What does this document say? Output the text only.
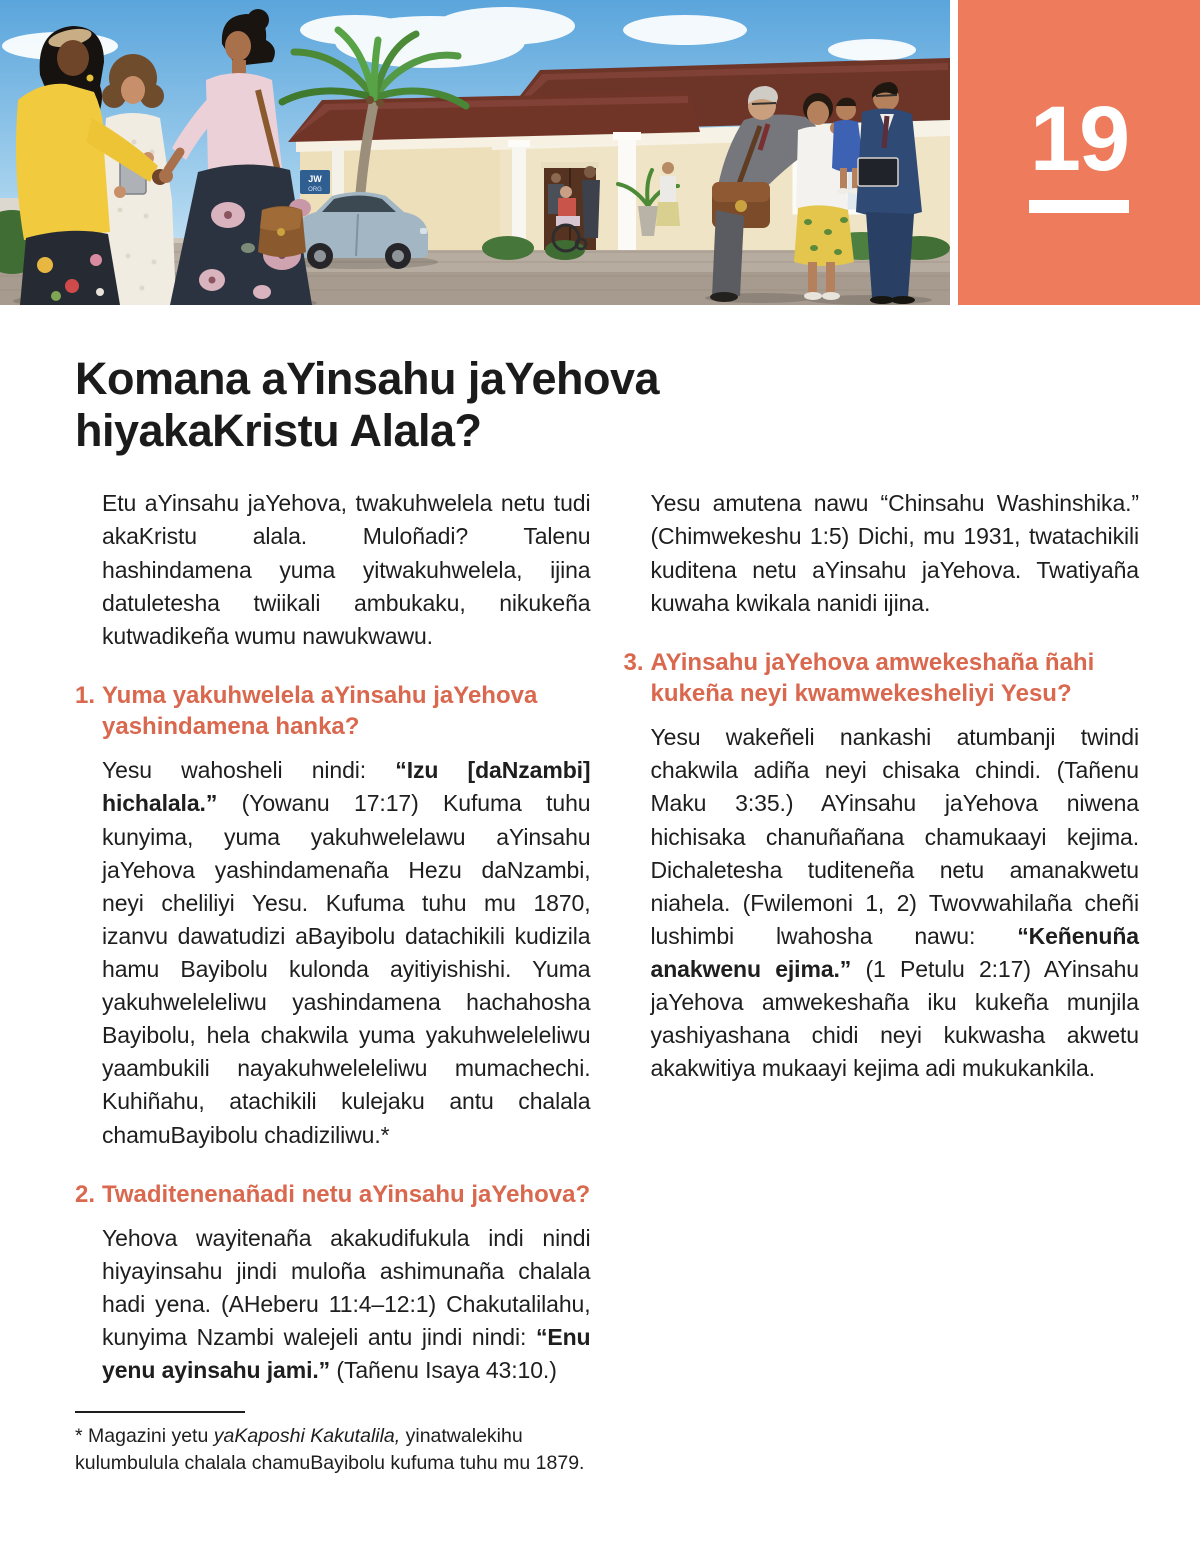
JW
ORG
19
Komana aYinsahu jaYehova hiyakaKristu Alala?

Etu aYinsahu jaYehova, twakuhwelela netu tudi akaKristu alala. Muloñadi? Talenu hashindamena yuma yitwakuhwelela, ijina datuletesha twiikali ambukaku, nikukeña kutwadikeña wumu nawukwawu.

1. Yuma yakuhwelela aYinsahu jaYehova yashindamena hanka?

Yesu wahosheli nindi: “Izu [daNzambi] hichalala.” (Yowanu 17:17) Kufuma tuhu kunyima, yuma yakuhwelelawu aYinsahu jaYehova yashindamenaña Hezu daNzambi, neyi cheliliyi Yesu. Kufuma tuhu mu 1870, izanvu dawatudizi aBayibolu datachikili kudizila hamu Bayibolu kulonda ayitiyishishi. Yuma yakuhweleleliwu yashindamena hachahosha Bayibolu, hela chakwila yuma yakuhweleleliwu yaambukili nayakuhweleleliwu mumachechi. Kuhiñahu, atachikili kulejaku antu chalala chamuBayibolu chadiziliwu.*

2. Twaditenenañadi netu aYinsahu jaYehova?

Yehova wayitenaña akakudifukula indi nindi hiyayinsahu jindi muloña ashimunaña chalala hadi yena. (AHeberu 11:4–12:1) Chakutalilahu, kunyima Nzambi walejeli antu jindi nindi: “Enu yenu ayinsahu jami.” (Tañenu Isaya 43:10.)

* Magazini yetu yaKaposhi Kakutalila, yinatwalekihu kulumbulula chalala chamuBayibolu kufuma tuhu mu 1879.

Yesu amutena nawu “Chinsahu Washinshika.” (Chimwekeshu 1:5) Dichi, mu 1931, twatachikili kuditena netu aYinsahu jaYehova. Twatiyaña kuwaha kwikala nanidi ijina.

3. AYinsahu jaYehova amwekeshaña ñahi kukeña neyi kwamwekesheliyi Yesu?

Yesu wakeñeli nankashi atumbanji twindi chakwila adiña neyi chisaka chindi. (Tañenu Maku 3:35.) AYinsahu jaYehova niwena hichisaka chanuñañana chamukaayi kejima. Dichaletesha tuditeneña netu amanakwetu niahela. (Fwilemoni 1, 2) Twovwahilaña cheñi lushimbi lwahosha nawu: “Keñenuña anakwenu ejima.” (1 Petulu 2:17) AYinsahu jaYehova amwekeshaña iku kukeña munjila yashiyashana chidi neyi kukwasha akwetu akakwitiya mukaayi kejima adi mukukankila.
